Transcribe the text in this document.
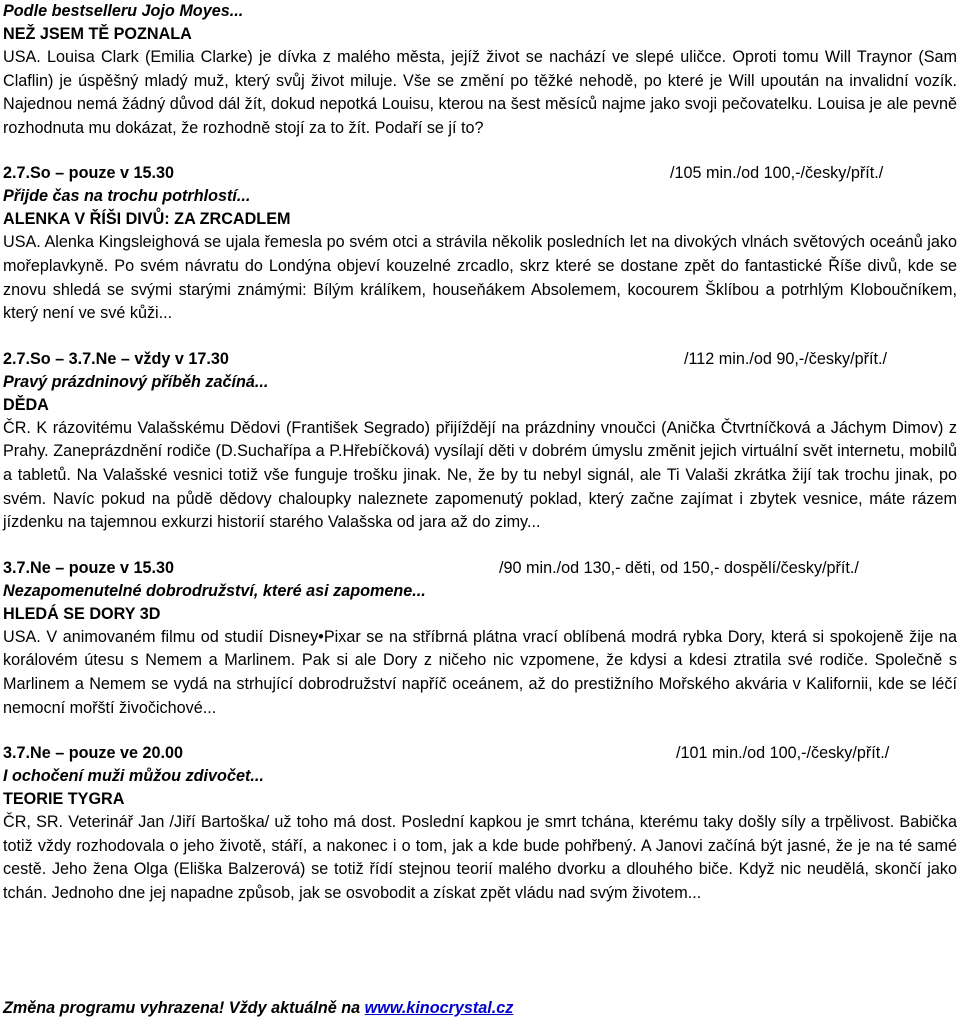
Podle bestselleru Jojo Moyes...
NEŽ JSEM TĚ POZNALA
USA. Louisa Clark (Emilia Clarke) je dívka z malého města, jejíž život se nachází ve slepé uličce. Oproti tomu Will Traynor (Sam Claflin) je úspěšný mladý muž, který svůj život miluje. Vše se změní po těžké nehodě, po které je Will upoután na invalidní vozík. Najednou nemá žádný důvod dál žít, dokud nepotká Louisu, kterou na šest měsíců najme jako svoji pečovatelku. Louisa je ale pevně rozhodnuta mu dokázat, že rozhodně stojí za to žít. Podaří se jí to?
2.7.So – pouze v 15.30	/105 min./od 100,-/česky/přít./
Přijde čas na trochu potrhlostí...
ALENKA V ŘÍŠI DIVŮ: ZA ZRCADLEM
USA. Alenka Kingsleighová se ujala řemesla po svém otci a strávila několik posledních let na divokých vlnách světových oceánů jako mořeplavkyně. Po svém návratu do Londýna objeví kouzelné zrcadlo, skrz které se dostane zpět do fantastické Říše divů, kde se znovu shledá se svými starými známými: Bílým králíkem, houseňákem Absolemem, kocourem Šklíbou a potrhlým Kloboučníkem, který není ve své kůži...
2.7.So – 3.7.Ne – vždy v 17.30	/112 min./od 90,-/česky/přít./
Pravý prázdninový příběh začíná...
DĚDA
ČR. K rázovitému Valašskému Dědovi (František Segrado) přijíždějí na prázdniny vnoučci (Anička Čtvrtníčková a Jáchym Dimov) z Prahy. Zaneprázdnění rodiče (D.Suchařípa a P.Hřebíčková) vysílají děti v dobrém úmyslu změnit jejich virtuální svět internetu, mobilů a tabletů. Na Valašské vesnici totiž vše funguje trošku jinak. Ne, že by tu nebyl signál, ale Ti Valaši zkrátka žijí tak trochu jinak, po svém. Navíc pokud na půdě dědovy chaloupky naleznete zapomenutý poklad, který začne zajímat i zbytek vesnice, máte rázem jízdenku na tajemnou exkurzi historií starého Valašska od jara až do zimy...
3.7.Ne – pouze v 15.30	/90 min./od 130,- děti, od 150,- dospělí/česky/přít./
Nezapomenutelné dobrodružství, které asi zapomene...
HLEDÁ SE DORY 3D
USA. V animovaném filmu od studií Disney•Pixar se na stříbrná plátna vrací oblíbená modrá rybka Dory, která si spokojeně žije na korálovém útesu s Nemem a Marlinem. Pak si ale Dory z ničeho nic vzpomene, že kdysi a kdesi ztratila své rodiče. Společně s Marlinem a Nemem se vydá na strhující dobrodružství napříč oceánem, až do prestižního Mořského akvária v Kalifornii, kde se léčí nemocní mořští živočichové...
3.7.Ne – pouze ve 20.00	/101 min./od 100,-/česky/přít./
I ochočení muži můžou zdivočet...
TEORIE TYGRA
ČR, SR. Veterinář Jan /Jiří Bartoška/ už toho má dost. Poslední kapkou je smrt tchána, kterému taky došly síly a trpělivost. Babička totiž vždy rozhodovala o jeho životě, stáří, a nakonec i o tom, jak a kde bude pohřbený. A Janovi začíná být jasné, že je na té samé cestě. Jeho žena Olga (Eliška Balzerová) se totiž řídí stejnou teorií malého dvorku a dlouhého biče. Když nic neudělá, skončí jako tchán. Jednoho dne jej napadne způsob, jak se osvobodit a získat zpět vládu nad svým životem...
Změna programu vyhrazena! Vždy aktuálně na www.kinocrystal.cz
